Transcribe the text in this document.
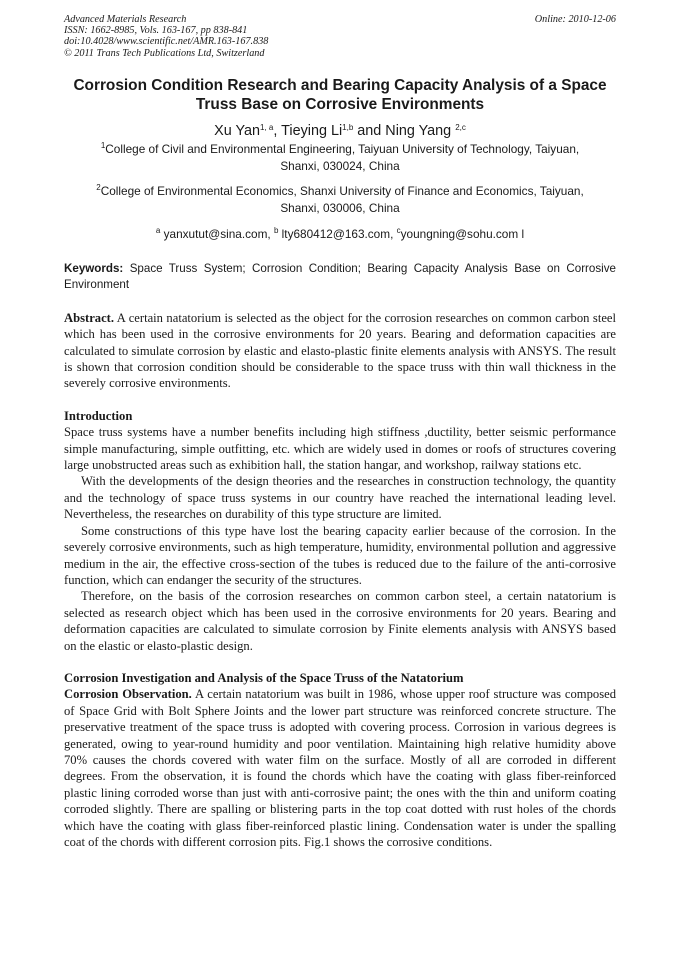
Advanced Materials Research	Online: 2010-12-06
ISSN: 1662-8985, Vols. 163-167, pp 838-841
doi:10.4028/www.scientific.net/AMR.163-167.838
© 2011 Trans Tech Publications Ltd, Switzerland
Corrosion Condition Research and Bearing Capacity Analysis of a Space
Truss Base on Corrosive Environments
Xu Yan$^{1, a}$, Tieying Li$^{1,b}$ and Ning Yang $^{2,c}$
$^1$College of Civil and Environmental Engineering, Taiyuan University of Technology, Taiyuan,
Shanxi, 030024, China
$^2$College of Environmental Economics, Shanxi University of Finance and Economics, Taiyuan,
Shanxi, 030006, China
$^a$ yanxutut@sina.com, $^b$ lty680412@163.com, $^c$youngning@sohu.com l
Keywords: Space Truss System; Corrosion Condition; Bearing Capacity Analysis Base on Corrosive Environment
Abstract. A certain natatorium is selected as the object for the corrosion researches on common carbon steel which has been used in the corrosive environments for 20 years. Bearing and deformation capacities are calculated to simulate corrosion by elastic and elasto-plastic finite elements analysis with ANSYS. The result is shown that corrosion condition should be considerable to the space truss with thin wall thickness in the severely corrosive environments.
Introduction
Space truss systems have a number benefits including high stiffness ,ductility, better seismic performance simple manufacturing, simple outfitting, etc. which are widely used in domes or roofs of structures covering large unobstructed areas such as exhibition hall, the station hangar, and workshop, railway stations etc.
With the developments of the design theories and the researches in construction technology, the quantity and the technology of space truss systems in our country have reached the international leading level. Nevertheless, the researches on durability of this type structure are limited.
Some constructions of this type have lost the bearing capacity earlier because of the corrosion. In the severely corrosive environments, such as high temperature, humidity, environmental pollution and aggressive medium in the air, the effective cross-section of the tubes is reduced due to the failure of the anti-corrosive function, which can endanger the security of the structures.
Therefore, on the basis of the corrosion researches on common carbon steel, a certain natatorium is selected as research object which has been used in the corrosive environments for 20 years. Bearing and deformation capacities are calculated to simulate corrosion by Finite elements analysis with ANSYS based on the elastic or elasto-plastic design.
Corrosion Investigation and Analysis of the Space Truss of the Natatorium
Corrosion Observation. A certain natatorium was built in 1986, whose upper roof structure was composed of Space Grid with Bolt Sphere Joints and the lower part structure was reinforced concrete structure. The preservative treatment of the space truss is adopted with covering process. Corrosion in various degrees is generated, owing to year-round humidity and poor ventilation. Maintaining high relative humidity above 70% causes the chords covered with water film on the surface. Mostly of all are corroded in different degrees. From the observation, it is found the chords which have the coating with glass fiber-reinforced plastic lining corroded worse than just with anti-corrosive paint; the ones with the thin and uniform coating corroded slightly. There are spalling or blistering parts in the top coat dotted with rust holes of the chords which have the coating with glass fiber-reinforced plastic lining. Condensation water is under the spalling coat of the chords with different corrosion pits. Fig.1 shows the corrosive conditions.
